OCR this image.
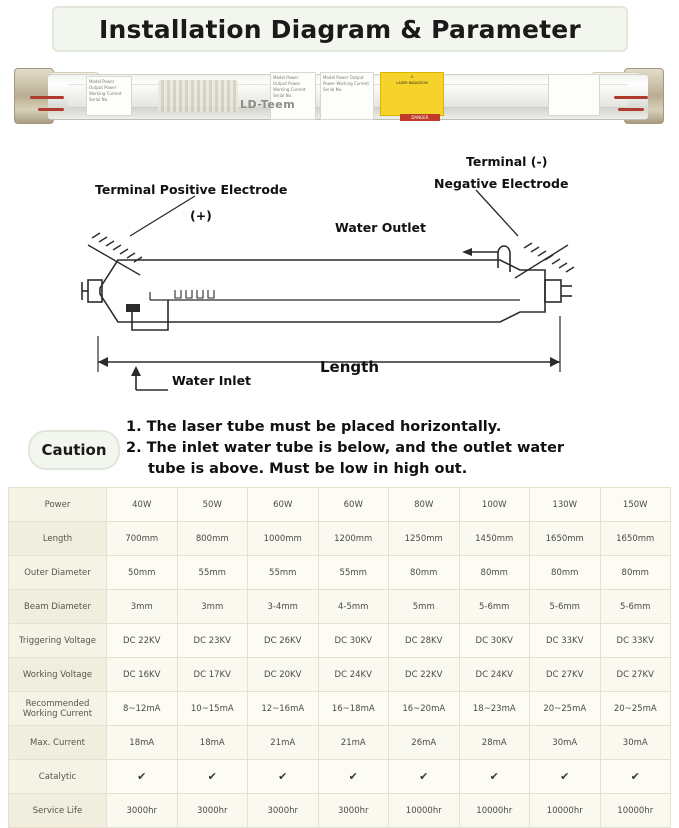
Installation Diagram & Parameter
Model Power Output Power Working Current Serial No.
Model Power Output Power Working Current Serial No.
Model Power Output Power Working Current Serial No.
⚠
LASER RADIATION
DANGER
LD-Teem
Terminal Positive Electrode
(+)
Terminal (-)
Negative Electrode
Water Outlet
Water Inlet
Length
Caution
1. The laser tube must be placed horizontally.
2. The inlet water tube is below, and the outlet water
tube is above. Must be low in high out.
Power	40W	50W	60W	60W	80W	100W	130W	150W
Length	700mm	800mm	1000mm	1200mm	1250mm	1450mm	1650mm	1650mm
Outer Diameter	50mm	55mm	55mm	55mm	80mm	80mm	80mm	80mm
Beam Diameter	3mm	3mm	3-4mm	4-5mm	5mm	5-6mm	5-6mm	5-6mm
Triggering Voltage	DC 22KV	DC 23KV	DC 26KV	DC 30KV	DC 28KV	DC 30KV	DC 33KV	DC 33KV
Working Voltage	DC 16KV	DC 17KV	DC 20KV	DC 24KV	DC 22KV	DC 24KV	DC 27KV	DC 27KV
Recommended Working Current	8~12mA	10~15mA	12~16mA	16~18mA	16~20mA	18~23mA	20~25mA	20~25mA
Max. Current	18mA	18mA	21mA	21mA	26mA	28mA	30mA	30mA
Catalytic	✔	✔	✔	✔	✔	✔	✔	✔
Service Life	3000hr	3000hr	3000hr	3000hr	10000hr	10000hr	10000hr	10000hr
